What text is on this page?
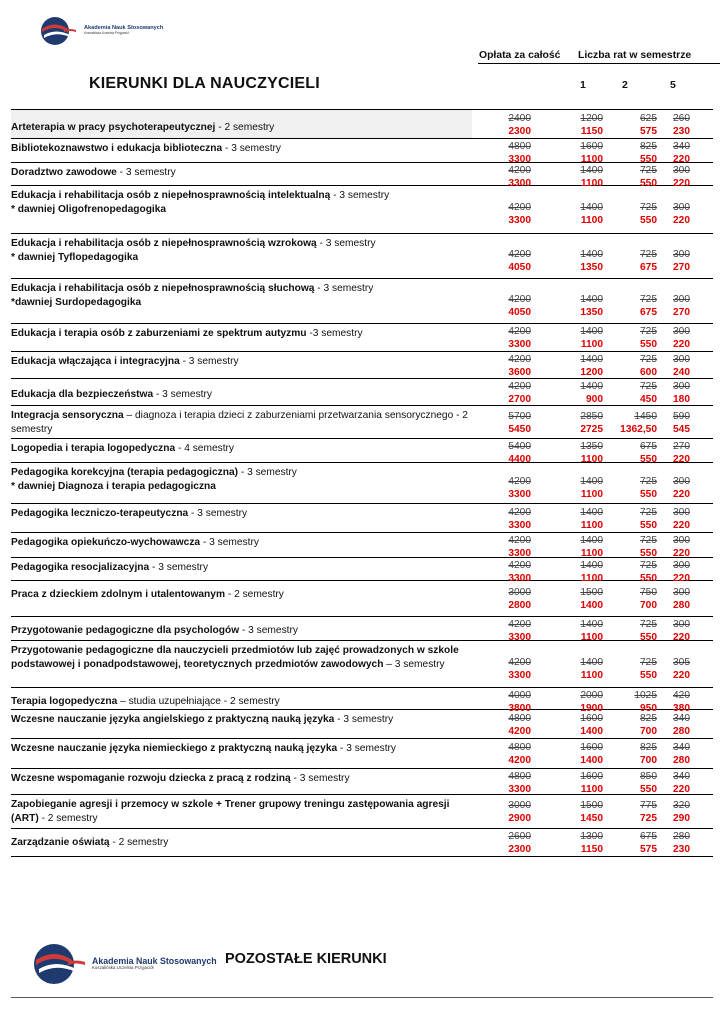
Akademia Nauk Stosowanych
Koszalińska Uczelnia Przyjaciół
Opłata za całość Liczba rat w semestrze
1	2	5
KIERUNKI DLA NAUCZYCIELI
Arteterapia w pracy psychoterapeutycznej - 2 semestry
2400	1200	625 260
2300	1150	575 230
Bibliotekoznawstwo i edukacja biblioteczna - 3 semestry	4800	1600	825 340
3300	1100	550 220
Doradztwo zawodowe - 3 semestry	4200	1400	725 300
3300	1100	550 220
Edukacja i rehabilitacja osób z niepełnosprawnością intelektualną - 3 semestry
* dawniej Oligofrenopedagogika	4200	1400	725 300
3300	1100	550 220
Edukacja i rehabilitacja osób z niepełnosprawnością wzrokową - 3 semestry
* dawniej Tyflopedagogika	4200	1400	725 300
4050	1350	675 270
Edukacja i rehabilitacja osób z niepełnosprawnością słuchową - 3 semestry
*dawniej Surdopedagogika	4200	1400	725 300
4050	1350	675 270
Edukacja i terapia osób z zaburzeniami ze spektrum autyzmu -3 semestry	4200	1400	725 300
3300	1100	550 220
Edukacja włączająca i integracyjna - 3 semestry	4200	1400	725 300
3600	1200	600 240
Edukacja dla bezpieczeństwa - 3 semestry
4200	1400	725 300
2700	900	450 180
Integracja sensoryczna – diagnoza i terapia dzieci z zaburzeniami przetwarzania sensorycznego - 2 semestry
5700	2850	1450 590
5450	2725 1362,50 545
Logopedia i terapia logopedyczna - 4 semestry	5400	1350	675 270
4400	1100	550 220
Pedagogika korekcyjna (terapia pedagogiczna) - 3 semestry
* dawniej Diagnoza i terapia pedagogiczna	4200	1400	725 300
3300	1100	550 220
Pedagogika leczniczo-terapeutyczna - 3 semestry	4200	1400	725 300
3300	1100	550 220
Pedagogika opiekuńczo-wychowawcza - 3 semestry	4200	1400	725 300
3300	1100	550 220
Pedagogika resocjalizacyjna - 3 semestry	4200	1400	725 300
3300	1100	550 220
Praca z dzieckiem zdolnym i utalentowanym - 2 semestry	3000	1500	750 300
2800	1400	700 280
Przygotowanie pedagogiczne dla psychologów - 3 semestry
4200	1400	725 300
3300	1100	550 220
Przygotowanie pedagogiczne dla nauczycieli przedmiotów lub zajęć prowadzonych w szkole podstawowej i ponadpodstawowej, teoretycznych przedmiotów zawodowych – 3 semestry	4200	1400	725 305
3300	1100	550 220
Terapia logopedyczna – studia uzupełniające - 2 semestry
4000	2000	1025 420
3800	1900	950 380
Wczesne nauczanie języka angielskiego z praktyczną nauką języka - 3 semestry	4800	1600	825 340
4200	1400	700 280
Wczesne nauczanie języka niemieckiego z praktyczną nauką języka - 3 semestry	4800	1600	825 340
4200	1400	700 280
Wczesne wspomaganie rozwoju dziecka z pracą z rodziną - 3 semestry	4800	1600	850 340
3300	1100	550 220
Zapobieganie agresji i przemocy w szkole + Trener grupowy treningu zastępowania agresji (ART) - 2 semestry
3000	1500	775 320
2900	1450	725 290
Zarządzanie oświatą - 2 semestry
2600	1300	675 280
2300	1150	575 230
Akademia Nauk Stosowanych
Koszalińska Uczelnia Przyjaciół
POZOSTAŁE KIERUNKI
